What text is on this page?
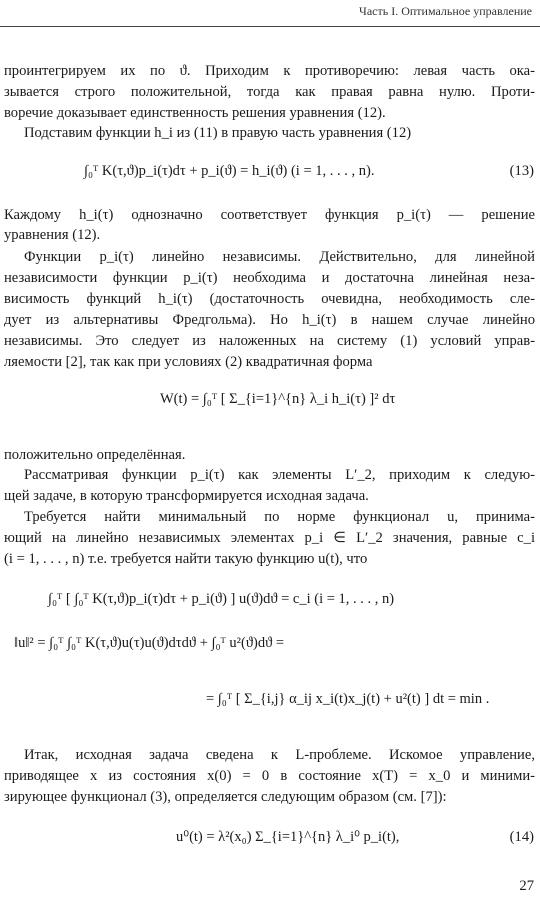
Часть I. Оптимальное управление
проинтегрируем их по ϑ. Приходим к противоречию: левая часть ока-
зывается строго положительной, тогда как правая равна нулю. Проти-
воречие доказывает единственность решения уравнения (12).
Подставим функции h_i из (11) в правую часть уравнения (12)
∫₀ᵀ K(τ,ϑ)p_i(τ)dτ + p_i(ϑ) = h_i(ϑ) (i = 1, . . . , n).	(13)
Каждому h_i(τ) однозначно соответствует функция p_i(τ) — решение
уравнения (12).
Функции p_i(τ) линейно независимы. Действительно, для линейной
независимости функции p_i(τ) необходима и достаточна линейная неза-
висимость функций h_i(τ) (достаточность очевидна, необходимость сле-
дует из альтернативы Фредгольма). Но h_i(τ) в нашем случае линейно
независимы. Это следует из наложенных на систему (1) условий управ-
ляемости [2], так как при условиях (2) квадратичная форма
W(t) = ∫₀ᵀ [ Σ_{i=1}^{n} λ_i h_i(τ) ]² dτ
положительно определённая.
Рассматривая функции p_i(τ) как элементы L′_2, приходим к следую-
щей задаче, в которую трансформируется исходная задача.
Требуется найти минимальный по норме функционал u, принима-
ющий на линейно независимых элементах p_i ∈ L′_2 значения, равные c_i
(i = 1, . . . , n) т.е. требуется найти такую функцию u(t), что
∫₀ᵀ [ ∫₀ᵀ K(τ,ϑ)p_i(τ)dτ + p_i(ϑ) ] u(ϑ)dϑ = c_i (i = 1, . . . , n)
‖u‖² = ∫₀ᵀ ∫₀ᵀ K(τ,ϑ)u(τ)u(ϑ)dτdϑ + ∫₀ᵀ u²(ϑ)dϑ =
= ∫₀ᵀ [ Σ_{i,j} α_ij x_i(t)x_j(t) + u²(t) ] dt = min .
Итак, исходная задача сведена к L-проблеме. Искомое управление,
приводящее x из состояния x(0) = 0 в состояние x(T) = x_0 и миними-
зирующее функционал (3), определяется следующим образом (см. [7]):
u⁰(t) = λ²(x₀) Σ_{i=1}^{n} λ_i⁰ p_i(t),	(14)
27
